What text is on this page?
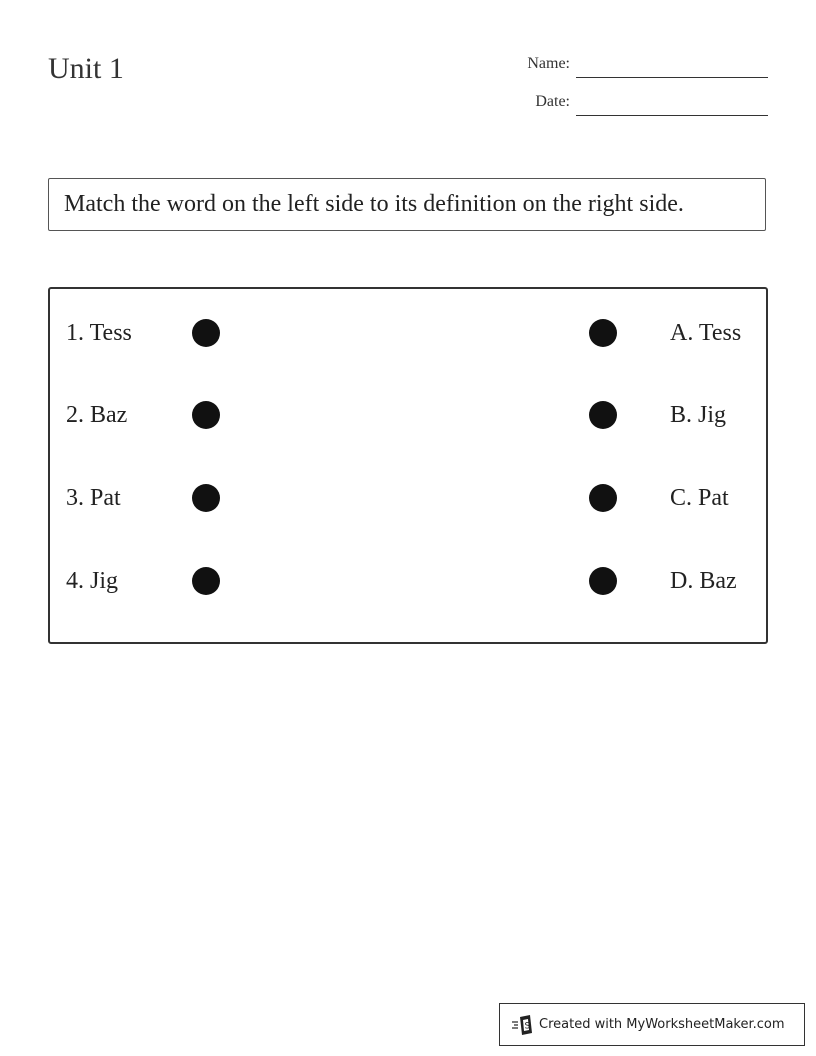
Unit 1	Name:
Date:
Match the word on the left side to its definition on the right side.
1. Tess	A. Tess
2. Baz	B. Jig
3. Pat	C. Pat
4. Jig	D. Baz
S Created with MyWorksheetMaker.com
